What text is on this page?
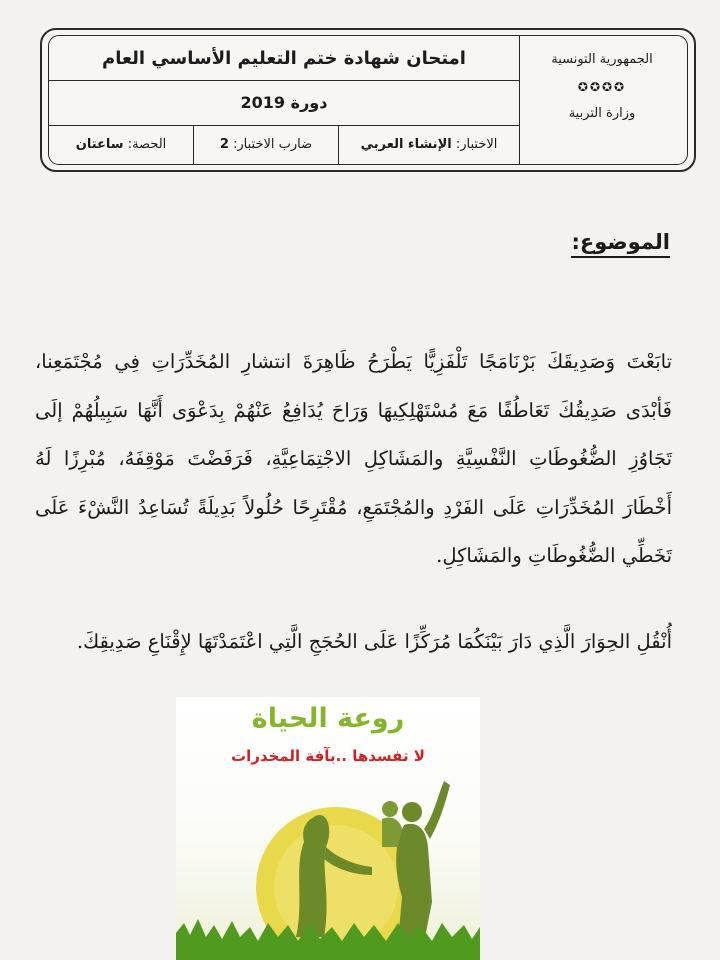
امتحان شهادة ختم التعليم الأساسي العام
دورة 2019
الاختبار:

الإنشاء العربي
ضارب الاختبار:

2
الحصة:

ساعتان
الجمهورية التونسية
✪✪✪✪
وزارة التربية
الموضوع:
تابَعْتَ وَصَدِيقَكَ بَرْنَامَجًا تَلْفَزِيًّا يَطْرَحُ ظَاهِرَةَ انتشارِ المُخَدِّرَاتِ فِي مُجْتَمَعِنا، فَأبْدَى صَدِيقُكَ تَعَاطُفًا مَعَ مُسْتَهْلِكِيهَا وَرَاحَ يُدَافِعُ عَنْهُمْ بِدَعْوَى أَنَّهَا سَبِيلُهُمْ إلَى تَجَاوُزِ الضُّغُوطَاتِ النَّفْسِيَّةِ والمَشَاكِلِ الاجْتِمَاعِيَّةِ، فَرَفَضْتَ مَوْقِفَهُ، مُبْرِزًا لَهُ أَخْطَارَ المُخَدِّرَاتِ عَلَى الفَرْدِ والمُجْتَمَعِ، مُقْتَرِحًا حُلُولاً بَدِيلَةً تُسَاعِدُ النَّشْءَ عَلَى تَخَطِّي الضُّغُوطَاتِ والمَشَاكِلِ.
أُنْقُلِ الحِوَارَ الَّذِي دَارَ بَيْنَكُمَا مُرَكِّزًا عَلَى الحُجَجِ الَّتِي اعْتَمَدْتَهَا لإِقْنَاعِ صَدِيقِكَ.
روعة الحياة
لا تفسدها ..بآفة المخدرات
